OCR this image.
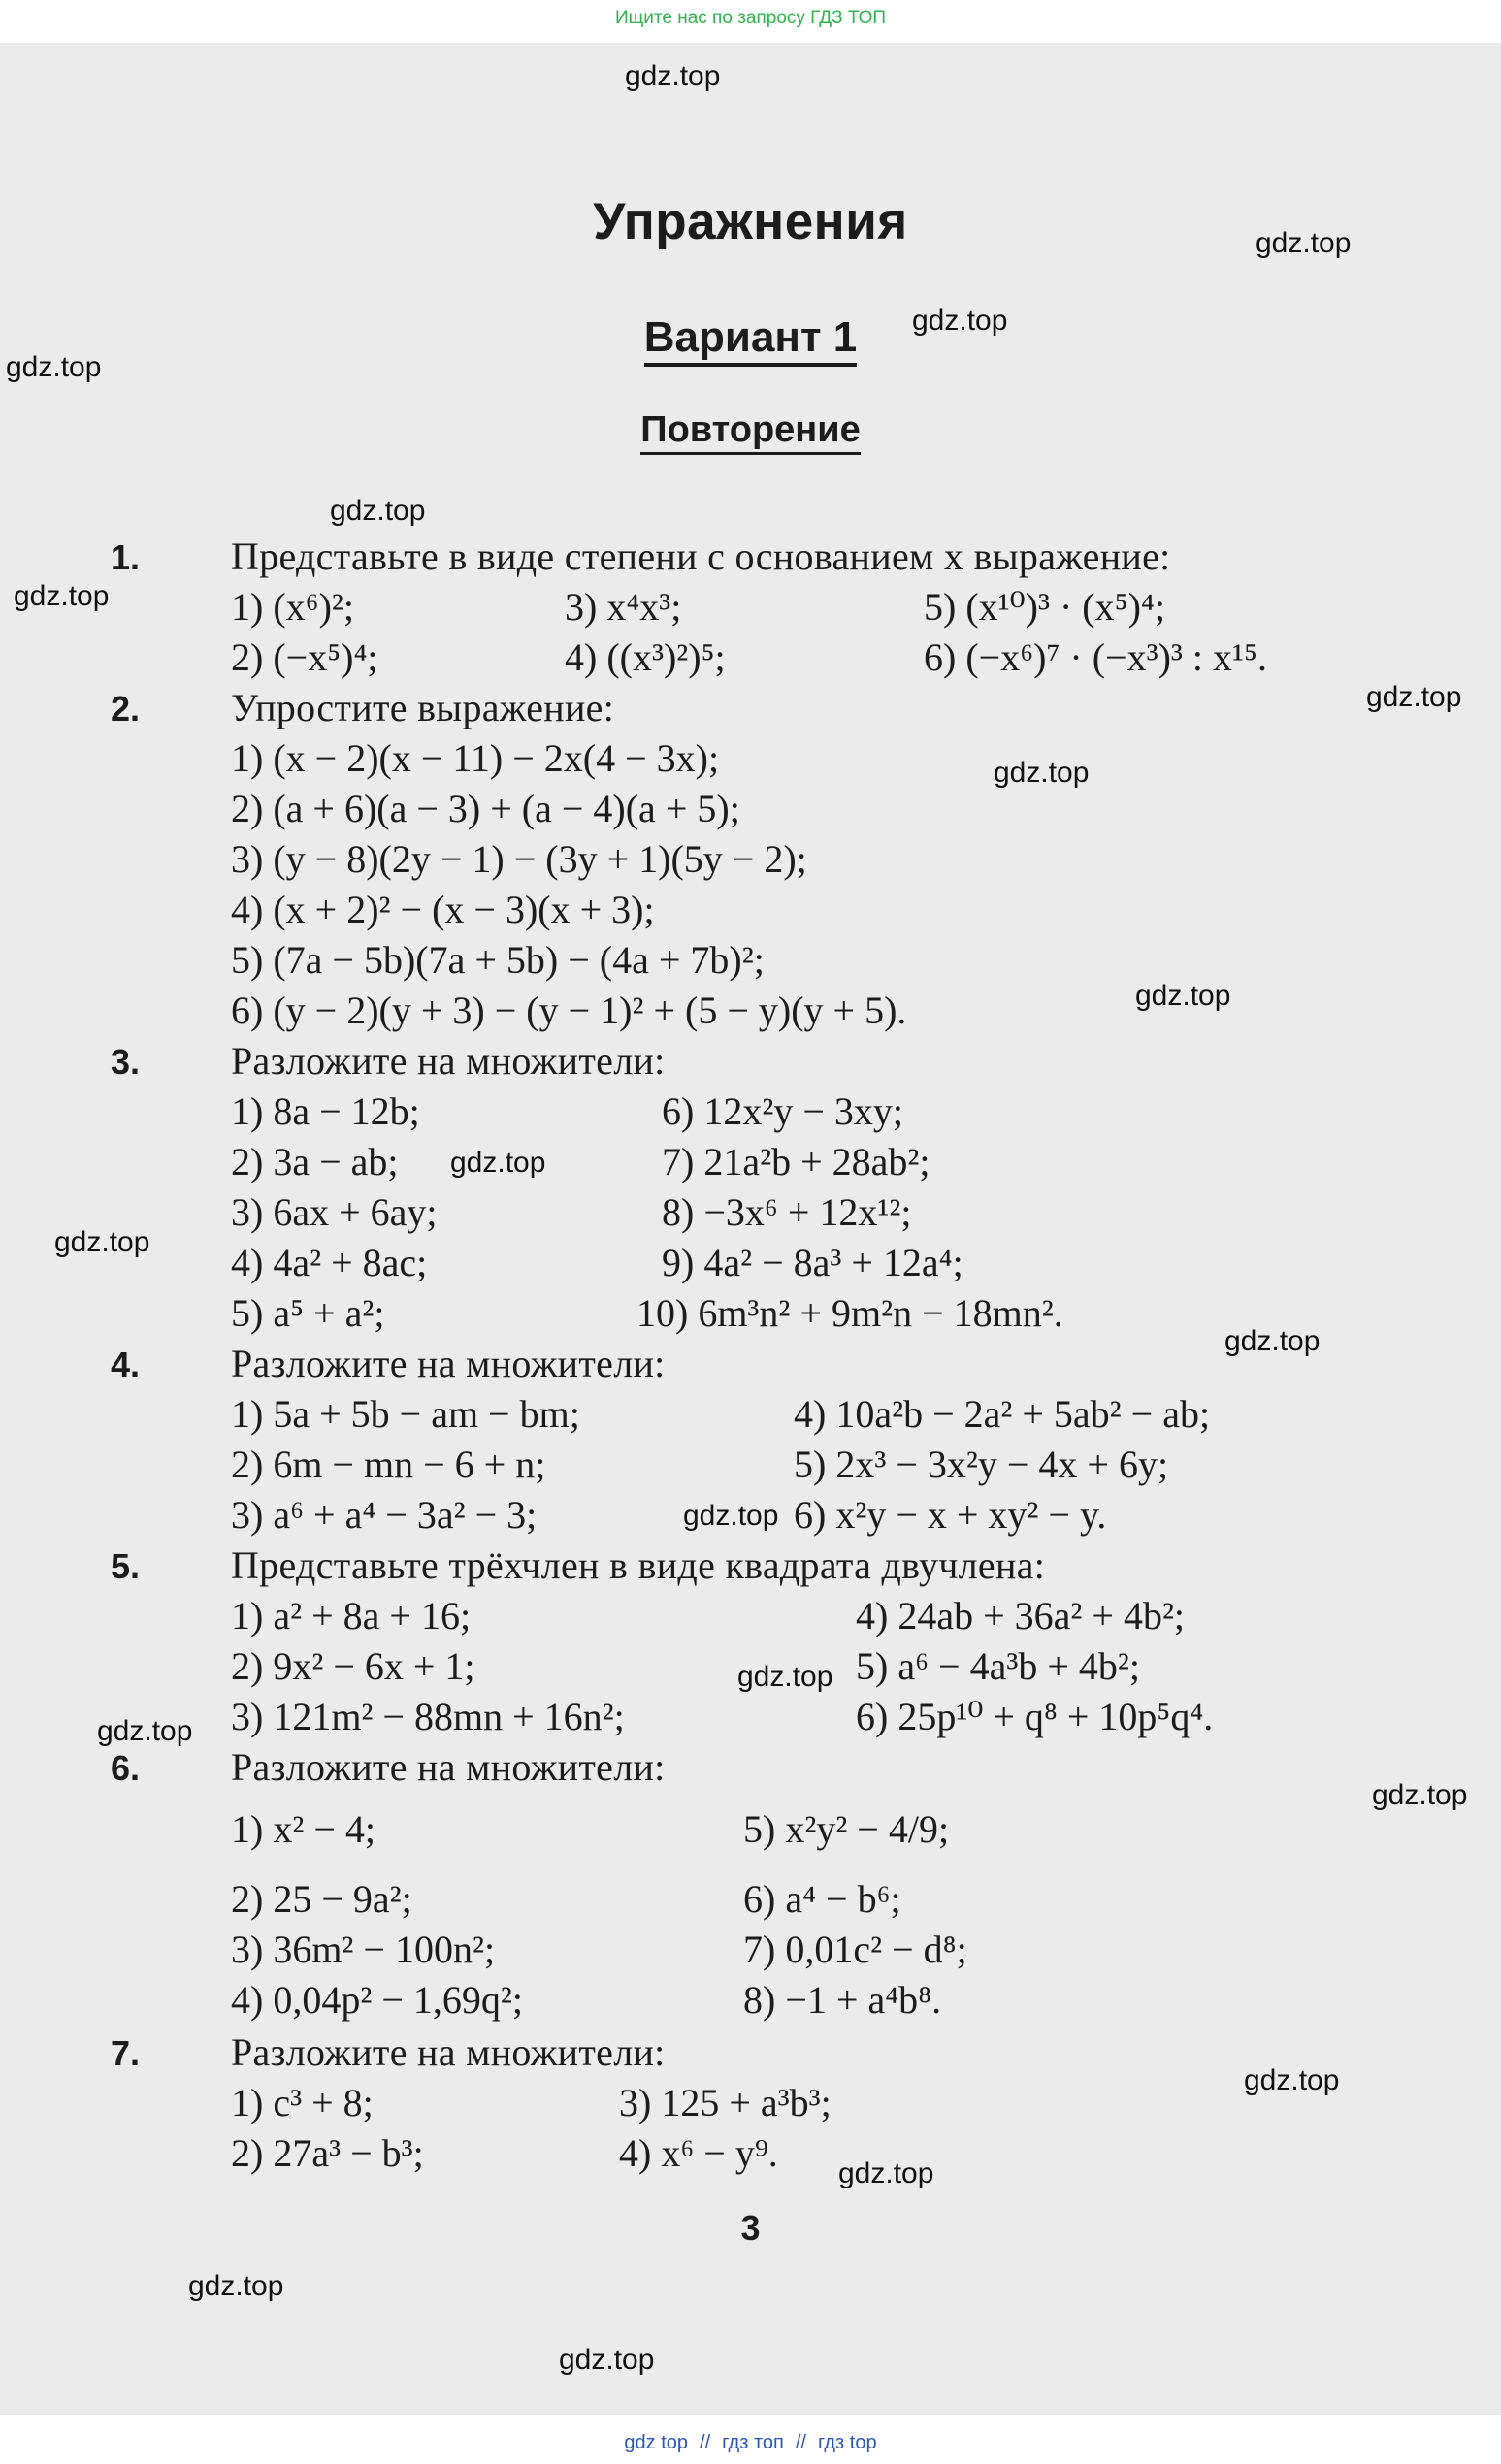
Ищите нас по запросу ГДЗ ТОП
Упражнения
Вариант 1
Повторение
1.	Представьте в виде степени с основанием x выражение:
1) (x⁶)²;	3) x⁴x³;	5) (x¹⁰)³ · (x⁵)⁴;
2) (−x⁵)⁴;	4) ((x³)²)⁵;	6) (−x⁶)⁷ · (−x³)³ : x¹⁵.
2.	Упростите выражение:
1) (x − 2)(x − 11) − 2x(4 − 3x);
2) (a + 6)(a − 3) + (a − 4)(a + 5);
3) (y − 8)(2y − 1) − (3y + 1)(5y − 2);
4) (x + 2)² − (x − 3)(x + 3);
5) (7a − 5b)(7a + 5b) − (4a + 7b)²;
6) (y − 2)(y + 3) − (y − 1)² + (5 − y)(y + 5).
3.	Разложите на множители:
1) 8a − 12b;	6) 12x²y − 3xy;
2) 3a − ab;	7) 21a²b + 28ab²;
3) 6ax + 6ay;	8) −3x⁶ + 12x¹²;
4) 4a² + 8ac;	9) 4a² − 8a³ + 12a⁴;
5) a⁵ + a²;	10) 6m³n² + 9m²n − 18mn².
4.	Разложите на множители:
1) 5a + 5b − am − bm;	4) 10a²b − 2a² + 5ab² − ab;
2) 6m − mn − 6 + n;	5) 2x³ − 3x²y − 4x + 6y;
3) a⁶ + a⁴ − 3a² − 3;	6) x²y − x + xy² − y.
5.	Представьте трёхчлен в виде квадрата двучлена:
1) a² + 8a + 16;	4) 24ab + 36a² + 4b²;
2) 9x² − 6x + 1;	5) a⁶ − 4a³b + 4b²;
3) 121m² − 88mn + 16n²;	6) 25p¹⁰ + q⁸ + 10p⁵q⁴.
6.	Разложите на множители:
1) x² − 4;	5) x²y² − 4/9;
2) 25 − 9a²;	6) a⁴ − b⁶;
3) 36m² − 100n²;	7) 0,01c² − d⁸;
4) 0,04p² − 1,69q²;	8) −1 + a⁴b⁸.
7.	Разложите на множители:
1) c³ + 8;	3) 125 + a³b³;
2) 27a³ − b³;	4) x⁶ − y⁹.
3
gdz.top
gdz.top
gdz.top
gdz.top
gdz.top
gdz.top
gdz.top
gdz.top
gdz.top
gdz.top
gdz.top
gdz.top
gdz.top
gdz.top
gdz.top
gdz.top
gdz.top
gdz.top
gdz.top
gdz.top
gdz top // гдз топ // гдз top
